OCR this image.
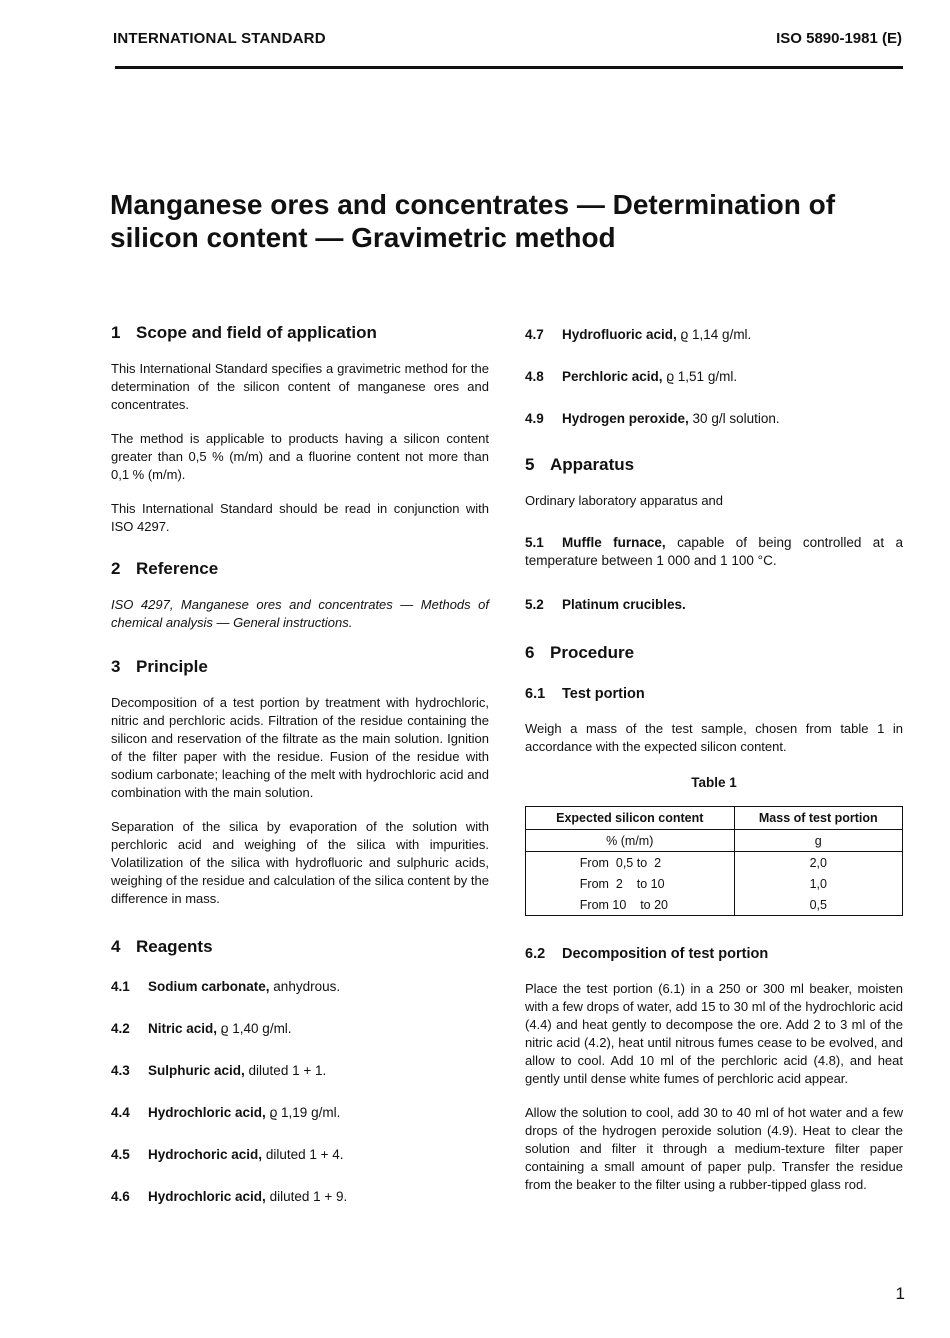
INTERNATIONAL STANDARD	ISO 5890-1981 (E)
Manganese ores and concentrates — Determination of silicon content — Gravimetric method
1 Scope and field of application

This International Standard specifies a gravimetric method for the determination of the silicon content of manganese ores and concentrates.

The method is applicable to products having a silicon content greater than 0,5 % (m/m) and a fluorine content not more than 0,1 % (m/m).

This International Standard should be read in conjunction with ISO 4297.

2 Reference

ISO 4297, Manganese ores and concentrates — Methods of chemical analysis — General instructions.

3 Principle

Decomposition of a test portion by treatment with hydrochloric, nitric and perchloric acids. Filtration of the residue containing the silicon and reservation of the filtrate as the main solution. Ignition of the filter paper with the residue. Fusion of the residue with sodium carbonate; leaching of the melt with hydrochloric acid and combination with the main solution.

Separation of the silica by evaporation of the solution with perchloric acid and weighing of the silica with impurities. Volatilization of the silica with hydrofluoric and sulphuric acids, weighing of the residue and calculation of the silica content by the difference in mass.

4 Reagents
4.1 Sodium carbonate, anhydrous.
4.2 Nitric acid, ϱ 1,40 g/ml.
4.3 Sulphuric acid, diluted 1 + 1.
4.4 Hydrochloric acid, ϱ 1,19 g/ml.
4.5 Hydrochoric acid, diluted 1 + 4.
4.6 Hydrochloric acid, diluted 1 + 9.
4.7 Hydrofluoric acid, ϱ 1,14 g/ml.
4.8 Perchloric acid, ϱ 1,51 g/ml.
4.9 Hydrogen peroxide, 30 g/l solution.
5 Apparatus

Ordinary laboratory apparatus and

5.1 Muffle furnace, capable of being controlled at a temperature between 1 000 and 1 100 °C.

5.2 Platinum crucibles.
6 Procedure
6.1 Test portion

Weigh a mass of the test sample, chosen from table 1 in accordance with the expected silicon content.

Table 1
Expected silicon content	Mass of test portion
% (m/m)	g
From  0,5 to  2	2,0
From  2    to 10	1,0
From 10    to 20	0,5
6.2 Decomposition of test portion

Place the test portion (6.1) in a 250 or 300 ml beaker, moisten with a few drops of water, add 15 to 30 ml of the hydrochloric acid (4.4) and heat gently to decompose the ore. Add 2 to 3 ml of the nitric acid (4.2), heat until nitrous fumes cease to be evolved, and allow to cool. Add 10 ml of the perchloric acid (4.8), and heat gently until dense white fumes of perchloric acid appear.

Allow the solution to cool, add 30 to 40 ml of hot water and a few drops of the hydrogen peroxide solution (4.9). Heat to clear the solution and filter it through a medium-texture filter paper containing a small amount of paper pulp. Transfer the residue from the beaker to the filter using a rubber-tipped glass rod.

1
